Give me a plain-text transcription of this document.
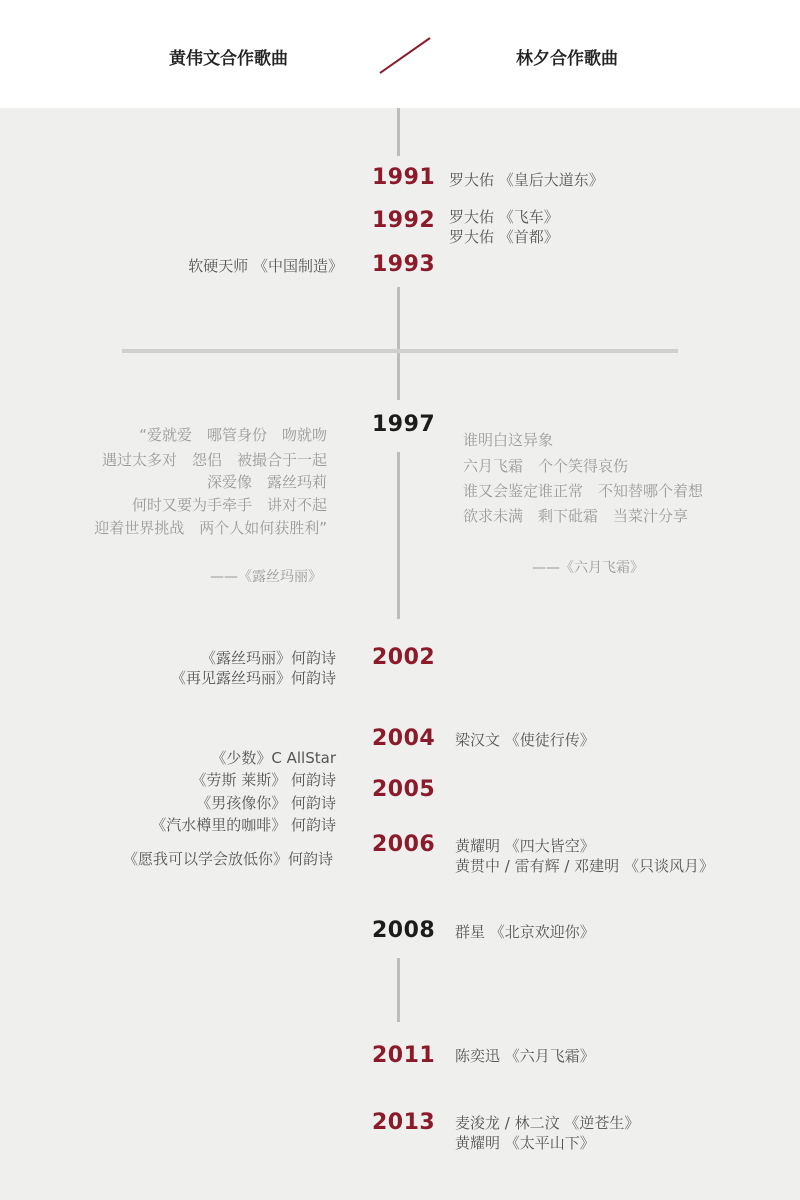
黄伟文合作歌曲	林夕合作歌曲
1991 罗大佑 《皇后大道东》
1992 罗大佑 《飞车》
罗大佑 《首都》
1993
软硬天师 《中国制造》
1997
“爱就爱　哪管身份　吻就吻
遇过太多对　怨侣　被撮合于一起
深爱像　露丝玛莉
何时又要为手牵手　讲对不起
迎着世界挑战　两个人如何获胜利”
——《露丝玛丽》
谁明白这异象
六月飞霜　个个笑得哀伤
谁又会鉴定谁正常　不知替哪个着想
欲求未满　剩下砒霜　当菜汁分享
——《六月飞霜》
2002
《露丝玛丽》何韵诗
《再见露丝玛丽》何韵诗
2004 梁汉文 《使徒行传》
2005
《少数》C AllStar
《劳斯 莱斯》 何韵诗
《男孩像你》 何韵诗
《汽水樽里的咖啡》 何韵诗
2006
《愿我可以学会放低你》何韵诗
黄耀明 《四大皆空》
黄贯中 / 雷有辉 / 邓建明 《只谈风月》
2008 群星 《北京欢迎你》
2011 陈奕迅 《六月飞霜》
2013 麦浚龙 / 林二汶 《逆苍生》
黄耀明 《太平山下》
